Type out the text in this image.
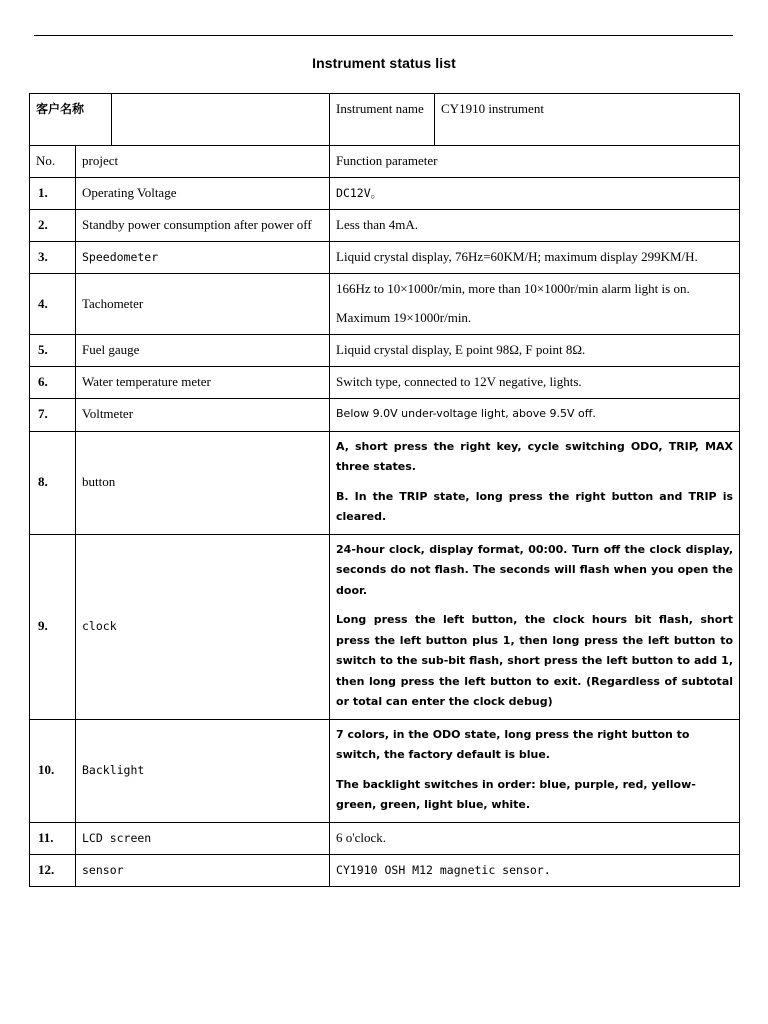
Instrument status list
客户名称			Instrument name	CY1910 instrument
No.	project		Function parameter	
1.	Operating Voltage		DC12V。	

2.	Standby power consumption after power off		Less than 4mA.	

3.	Speedometer		Liquid crystal display, 76Hz=60KM/H; maximum display 299KM/H.	

4.	Tachometer		166Hz to 10×1000r/min, more than 10×1000r/min alarm light is on.

Maximum 19×1000r/min.	

5.	Fuel gauge		Liquid crystal display, E point 98Ω, F point 8Ω.	

6.	Water temperature meter		Switch type, connected to 12V negative, lights.	

7.	Voltmeter		Below 9.0V under-voltage light, above 9.5V off.	

8.	button		A, short press the right key, cycle switching ODO, TRIP, MAX three states.

B. In the TRIP state, long press the right button and TRIP is cleared.	

9.	clock		24-hour clock, display format, 00:00. Turn off the clock display, seconds do not flash. The seconds will flash when you open the door.

Long press the left button, the clock hours bit flash, short press the left button plus 1, then long press the left button to switch to the sub-bit flash, short press the left button to add 1, then long press the left button to exit. (Regardless of subtotal or total can enter the clock debug)	

10.	Backlight		7 colors, in the ODO state, long press the right button to switch, the factory default is blue.

The backlight switches in order: blue, purple, red, yellow-green, green, light blue, white.	

11.	LCD screen		6 o'clock.	

12.	sensor		CY1910 OSH M12 magnetic sensor.	
